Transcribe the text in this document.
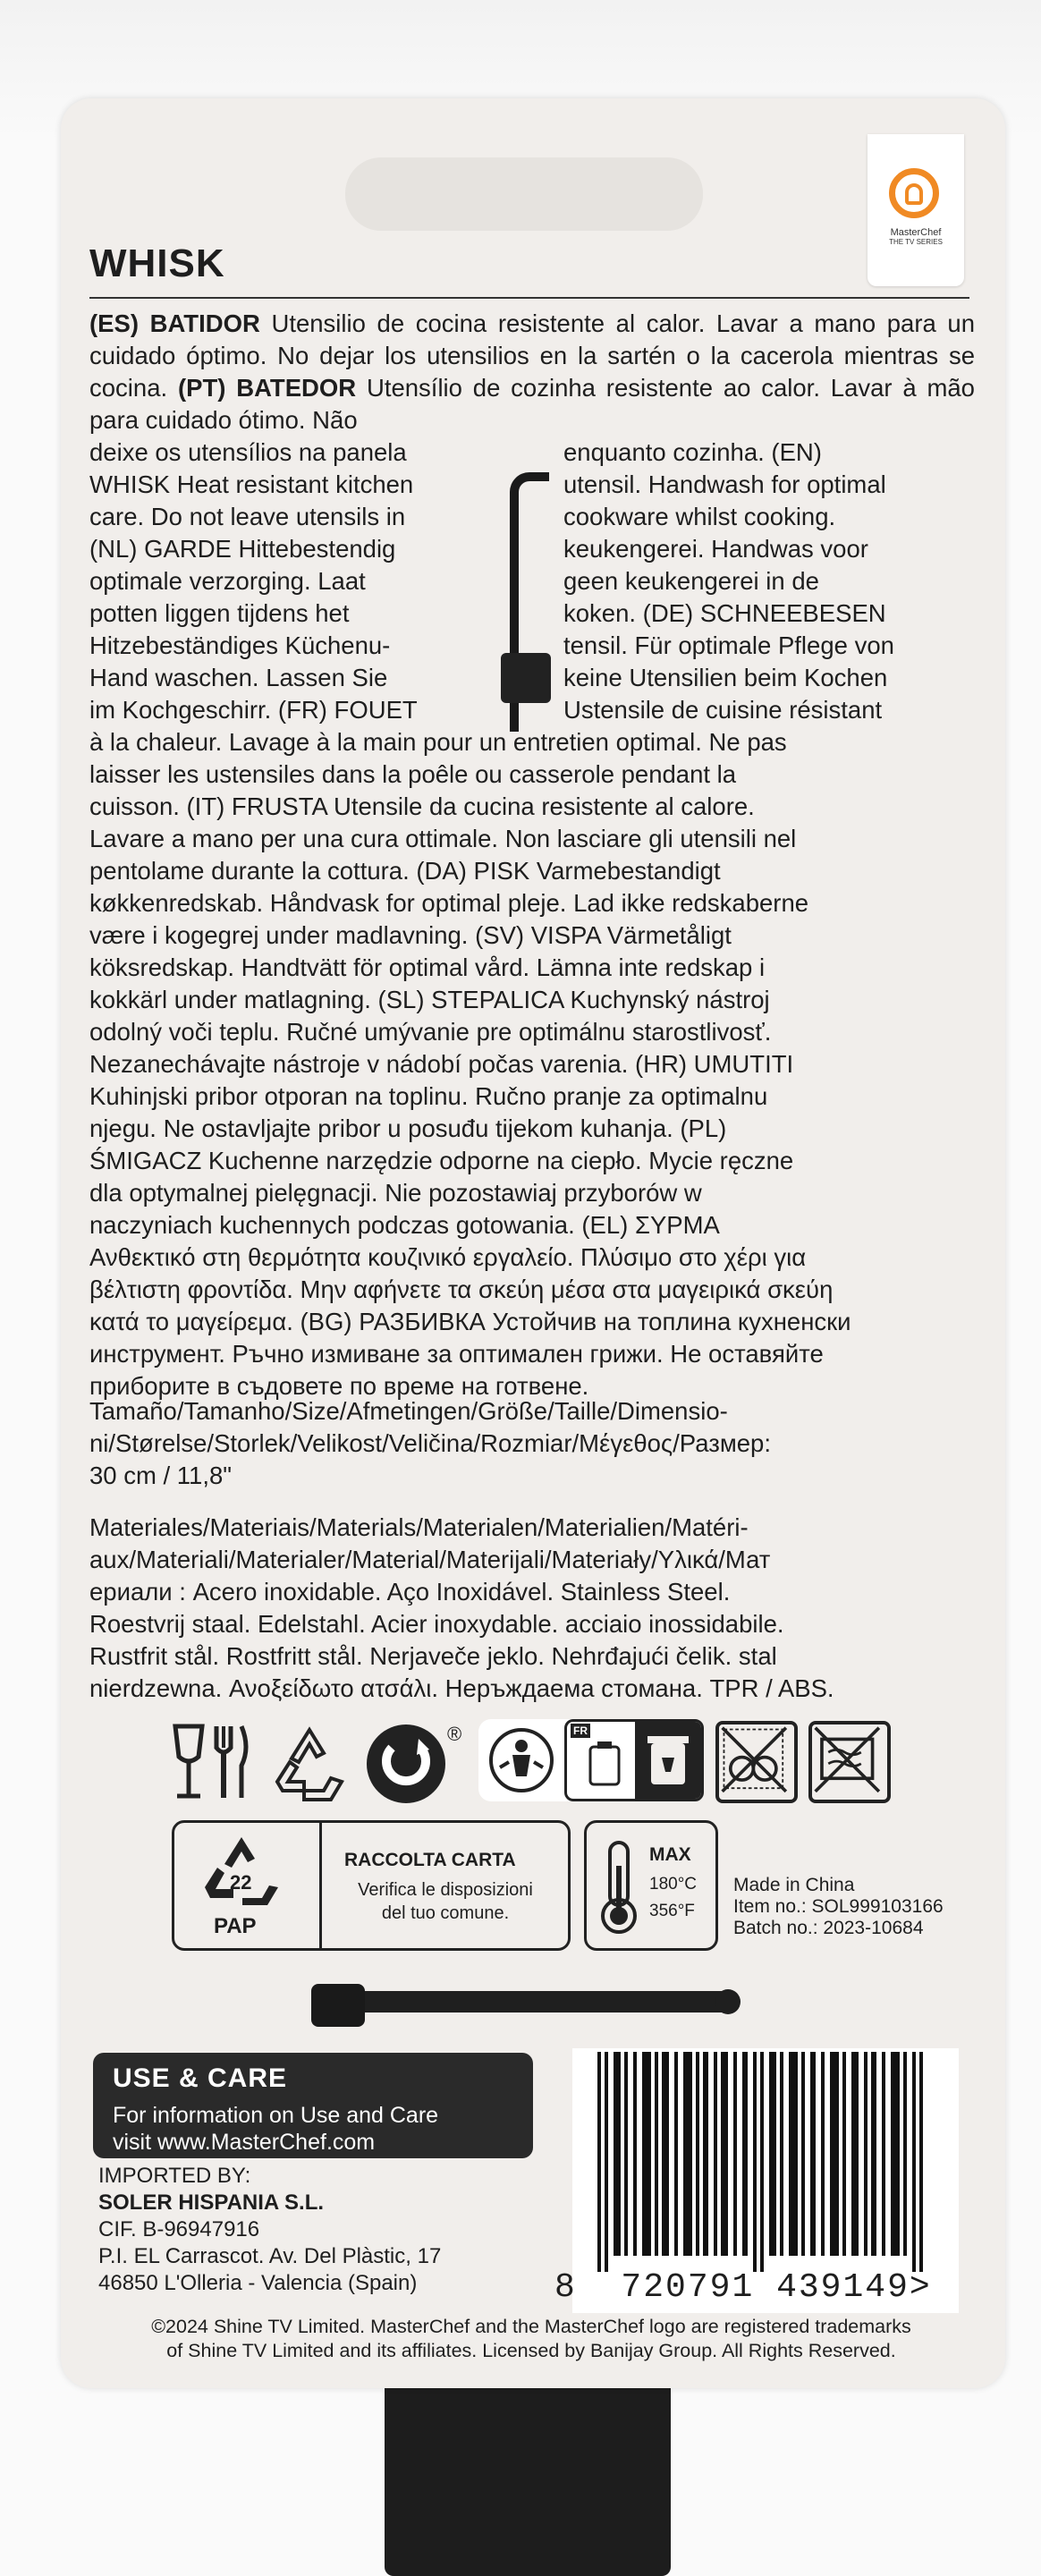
MasterChef
THE TV SERIES
WHISK
(ES) BATIDOR Utensilio de cocina resistente al calor. Lavar a mano para un cuidado óptimo. No dejar los utensilios en la sartén o la cacerola mientras se cocina. (PT) BATEDOR Utensílio de cozinha resistente ao calor. Lavar à mão para cuidado ótimo. Não
deixe os utensílios na panela
WHISK Heat resistant kitchen
care. Do not leave utensils in
(NL) GARDE Hittebestendig
optimale verzorging. Laat
potten liggen tijdens het
Hitzebeständiges Küchenu-
Hand waschen. Lassen Sie
im Kochgeschirr. (FR) FOUET
enquanto cozinha. (EN)
utensil. Handwash for optimal
cookware whilst cooking.
keukengerei. Handwas voor
geen keukengerei in de
koken. (DE) SCHNEEBESEN
tensil. Für optimale Pflege von
keine Utensilien beim Kochen
Ustensile de cuisine résistant
à la chaleur. Lavage à la main pour un entretien optimal. Ne pas
laisser les ustensiles dans la poêle ou casserole pendant la
cuisson. (IT) FRUSTA Utensile da cucina resistente al calore.
Lavare a mano per una cura ottimale. Non lasciare gli utensili nel
pentolame durante la cottura. (DA) PISK Varmebestandigt
køkkenredskab. Håndvask for optimal pleje. Lad ikke redskaberne
være i kogegrej under madlavning. (SV) VISPA Värmetåligt
köksredskap. Handtvätt för optimal vård. Lämna inte redskap i
kokkärl under matlagning. (SL) STEPALICA Kuchynský nástroj
odolný voči teplu. Ručné umývanie pre optimálnu starostlivosť.
Nezanechávajte nástroje v nádobí počas varenia. (HR) UMUTITI
Kuhinjski pribor otporan na toplinu. Ručno pranje za optimalnu
njegu. Ne ostavljajte pribor u posuđu tijekom kuhanja. (PL)
ŚMIGACZ Kuchenne narzędzie odporne na ciepło. Mycie ręczne
dla optymalnej pielęgnacji. Nie pozostawiaj przyborów w
naczyniach kuchennych podczas gotowania. (EL) ΣΥΡΜΑ
Ανθεκτικό στη θερμότητα κουζινικό εργαλείο. Πλύσιμο στο χέρι για
βέλτιστη φροντίδα. Μην αφήνετε τα σκεύη μέσα στα μαγειρικά σκεύη
κατά το μαγείρεμα. (BG) РАЗБИВКА Устойчив на топлина кухненски
инструмент. Ръчно измиване за оптимален грижи. Не оставяйте
приборите в съдовете по време на готвене.
Tamaño/Tamanho/Size/Afmetingen/Größe/Taille/Dimensio-
ni/Størelse/Storlek/Velikost/Veličina/Rozmiar/Μέγεθος/Размер:
30 cm / 11,8"
Materiales/Materiais/Materials/Materialen/Materialien/Matéri-
aux/Materiali/Materialer/Material/Materijali/Materiały/Υλικά/Мат
ериали : Acero inoxidable. Aço Inoxidável. Stainless Steel.
Roestvrij staal. Edelstahl. Acier inoxydable. acciaio inossidabile.
Rustfrit stål. Rostfritt stål. Nerjaveče jeklo. Nehrđajući čelik. stal
nierdzewna. Ανοξείδωτο ατσάλι. Неръждаема стомана. TPR / ABS.
®	FR
22
PAP
RACCOLTA CARTA
Verifica le disposizioni
del tuo comune.
MAX
180°C
356°F
Made in China
Item no.: SOL999103166
Batch no.: 2023-10684
USE & CARE
For information on Use and Care
visit www.MasterChef.com
IMPORTED BY:
SOLER HISPANIA S.L.
CIF. B-96947916
P.I. EL Carrascot. Av. Del Plàstic, 17
46850 L'Olleria - Valencia (Spain)	8 720791 439149>
©2024 Shine TV Limited. MasterChef and the MasterChef logo are registered trademarks
of Shine TV Limited and its affiliates. Licensed by Banijay Group. All Rights Reserved.
